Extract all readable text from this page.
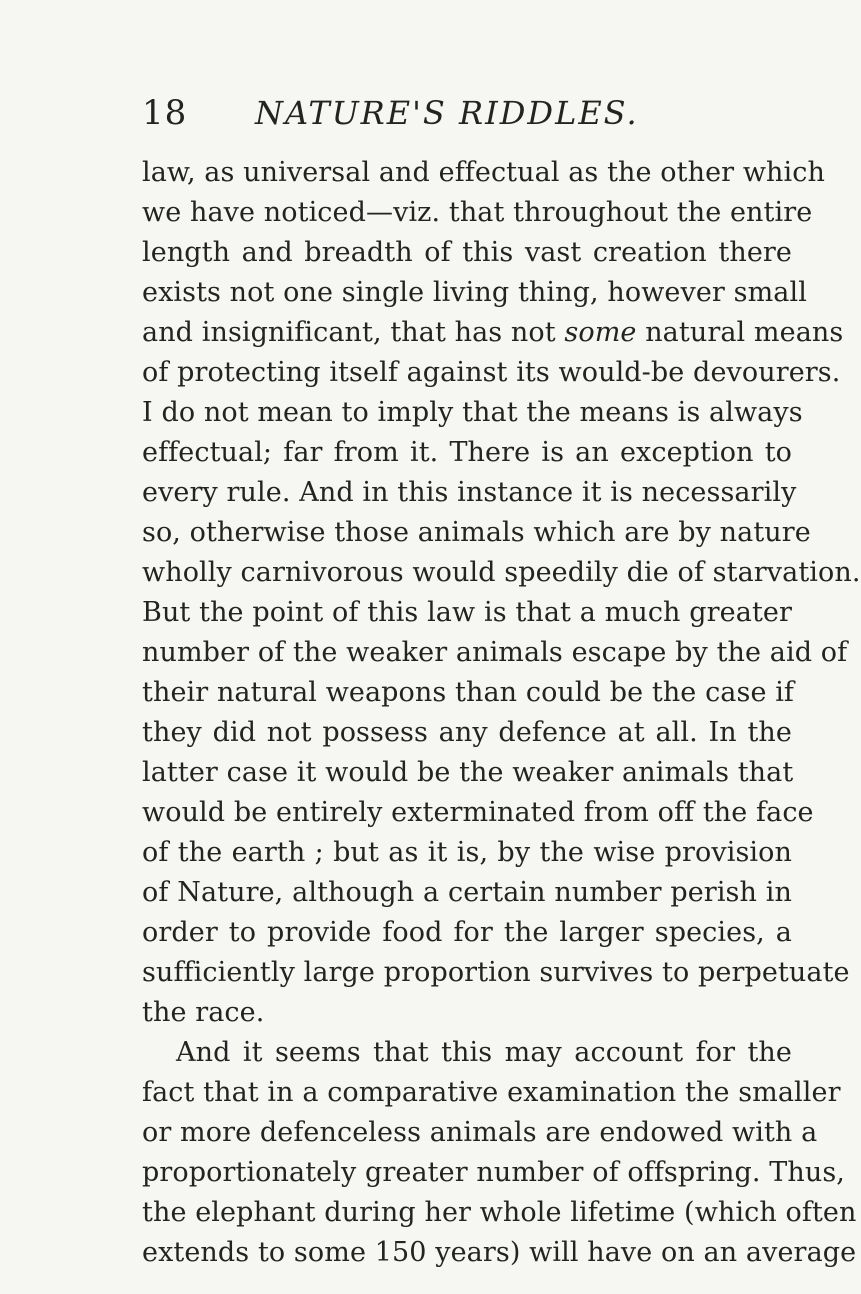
18 NATURE'S RIDDLES.
law, as universal and effectual as the other which
we have noticed—viz. that throughout the entire
length and breadth of this vast creation there
exists not one single living thing, however small
and insignificant, that has not some natural means
of protecting itself against its would-be devourers.
I do not mean to imply that the means is always
effectual; far from it. There is an exception to
every rule. And in this instance it is necessarily
so, otherwise those animals which are by nature
wholly carnivorous would speedily die of starvation.
But the point of this law is that a much greater
number of the weaker animals escape by the aid of
their natural weapons than could be the case if
they did not possess any defence at all. In the
latter case it would be the weaker animals that
would be entirely exterminated from off the face
of the earth ; but as it is, by the wise provision
of Nature, although a certain number perish in
order to provide food for the larger species, a
sufficiently large proportion survives to perpetuate
the race.
And it seems that this may account for the
fact that in a comparative examination the smaller
or more defenceless animals are endowed with a
proportionately greater number of offspring. Thus,
the elephant during her whole lifetime (which often
extends to some 150 years) will have on an average
